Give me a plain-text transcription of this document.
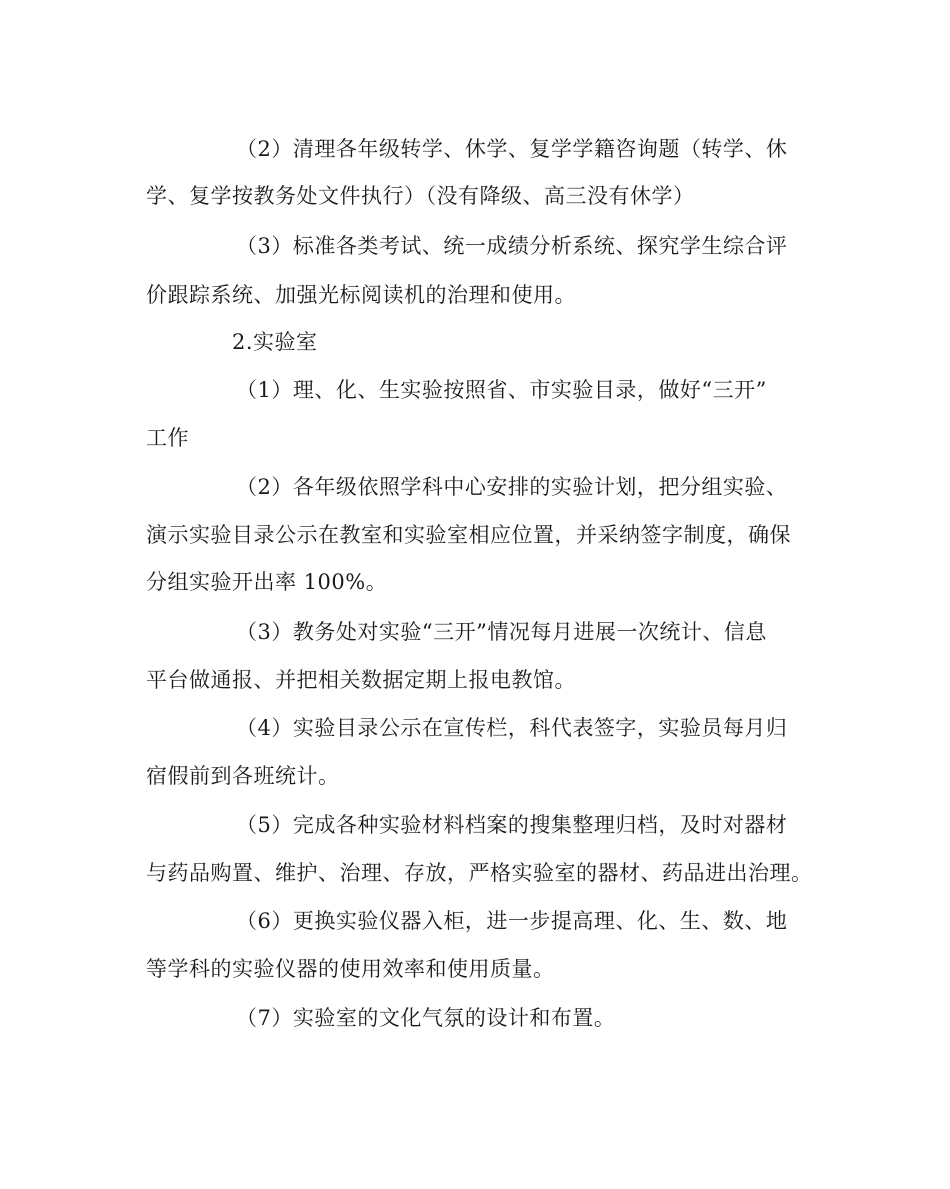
（2）清理各年级转学、休学、复学学籍咨询题（转学、休
学、复学按教务处文件执行）（没有降级、高三没有休学）
（3）标准各类考试、统一成绩分析系统、探究学生综合评
价跟踪系统、加强光标阅读机的治理和使用。
2.实验室
（1）理、化、生实验按照省、市实验目录，做好“三开”
工作
（2）各年级依照学科中心安排的实验计划，把分组实验、
演示实验目录公示在教室和实验室相应位置，并采纳签字制度，确保
分组实验开出率 100%。
（3）教务处对实验“三开”情况每月进展一次统计、信息
平台做通报、并把相关数据定期上报电教馆。
（4）实验目录公示在宣传栏，科代表签字，实验员每月归
宿假前到各班统计。
（5）完成各种实验材料档案的搜集整理归档，及时对器材
与药品购置、维护、治理、存放，严格实验室的器材、药品进出治理。
（6）更换实验仪器入柜，进一步提高理、化、生、数、地
等学科的实验仪器的使用效率和使用质量。
（7）实验室的文化气氛的设计和布置。
